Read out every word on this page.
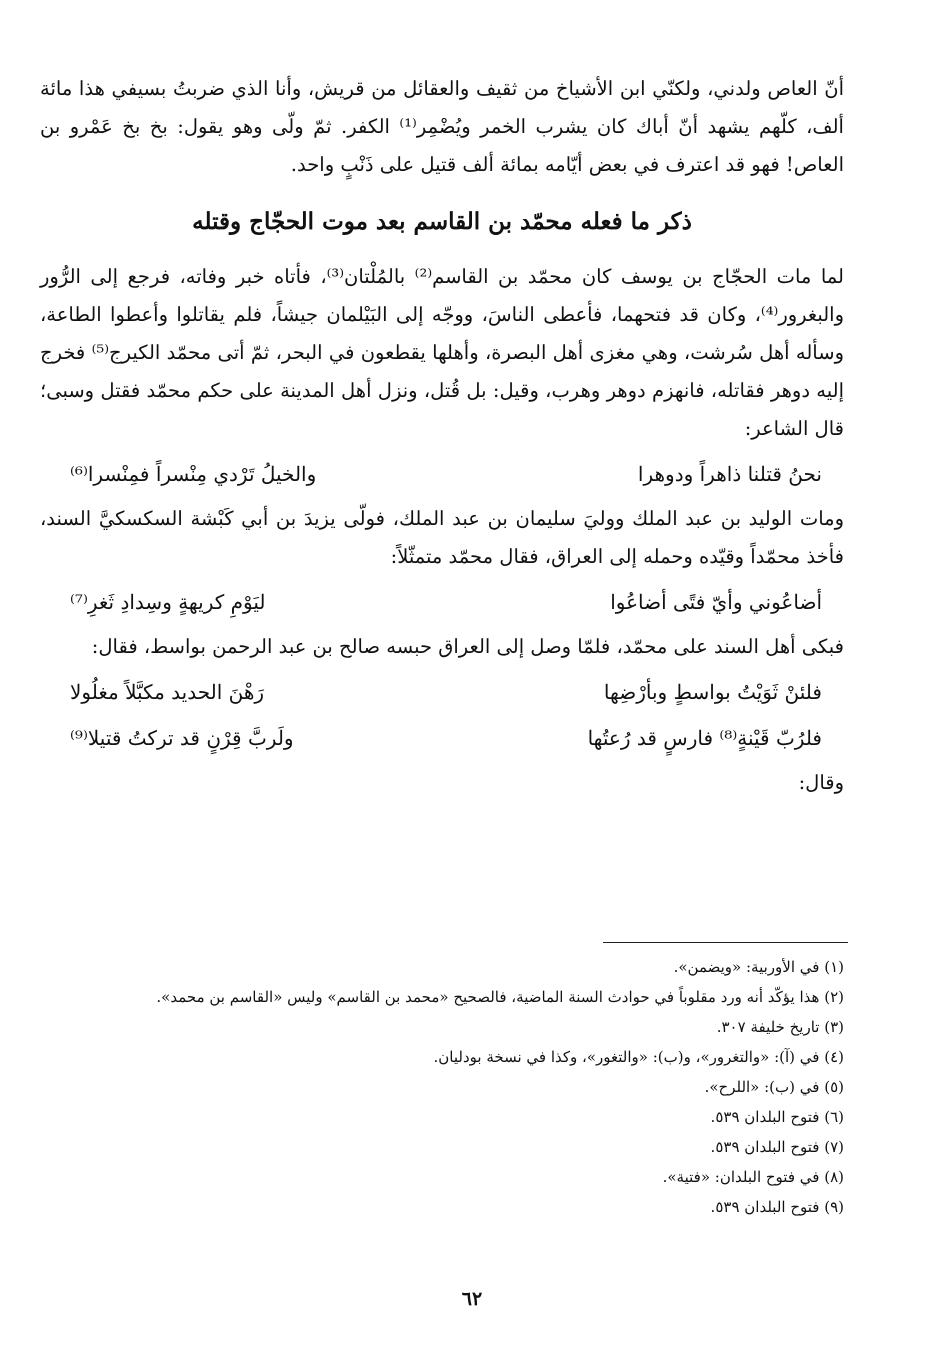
أنّ العاص ولدني، ولكنّي ابن الأشياخ من ثقيف والعقائل من قريش، وأنا الذي ضربتُ بسيفي هذا مائة ألف، كلّهم يشهد أنّ أباك كان يشرب الخمر ويُضْمِر⁽¹⁾ الكفر. ثمّ ولّى وهو يقول: بخ بخ عَمْرو بن العاص! فهو قد اعترف في بعض أيّامه بمائة ألف قتيل على ذَنْبٍ واحد.

ذكر ما فعله محمّد بن القاسم بعد موت الحجّاج وقتله

لما مات الحجّاج بن يوسف كان محمّد بن القاسم⁽²⁾ بالمُلْتان⁽³⁾، فأتاه خبر وفاته، فرجع إلى الرُّور والبغرور⁽⁴⁾، وكان قد فتحهما، فأعطى الناسَ، ووجّه إلى البَيْلمان جيشاً، فلم يقاتلوا وأعطوا الطاعة، وسأله أهل سُرشت، وهي مغزى أهل البصرة، وأهلها يقطعون في البحر، ثمّ أتى محمّد الكيرج⁽⁵⁾ فخرج إليه دوهر فقاتله، فانهزم دوهر وهرب، وقيل: بل قُتل، ونزل أهل المدينة على حكم محمّد فقتل وسبى؛ قال الشاعر:

نحنُ قتلنا ذاهراً ودوهرا
والخيلُ تَرْدي مِنْسراً فمِنْسرا⁽⁶⁾

ومات الوليد بن عبد الملك ووليَ سليمان بن عبد الملك، فولّى يزيدَ بن أبي كَبْشة السكسكيَّ السند، فأخذ محمّداً وقيّده وحمله إلى العراق، فقال محمّد متمثّلاً:

أضاعُوني وأيّ فتًى أضاعُوا
ليَوْمِ كريهةٍ وسِدادِ ثَغرِ⁽⁷⁾

فبكى أهل السند على محمّد، فلمّا وصل إلى العراق حبسه صالح بن عبد الرحمن بواسط، فقال:

فلئنْ ثَوَيْتُ بواسطٍ وبأرْضِها
رَهْنَ الحديد مكبَّلاً مغلُولا
فلرُبّ قَيْنةٍ⁽⁸⁾ فارسٍ قد رُعتُها
ولَربَّ قِرْنٍ قد تركتُ قتيلا⁽⁹⁾

وقال:

(١) في الأوربية: «ويضمن».
(٢) هذا يؤكّد أنه ورد مقلوباً في حوادث السنة الماضية، فالصحيح «محمد بن القاسم» وليس «القاسم بن محمد».
(٣) تاريخ خليفة ٣٠٧.
(٤) في (آ): «والتغرور»، و(ب): «والتغور»، وكذا في نسخة بودليان.
(٥) في (ب): «اللرح».
(٦) فتوح البلدان ٥٣٩.
(٧) فتوح البلدان ٥٣٩.
(٨) في فتوح البلدان: «فتية».
(٩) فتوح البلدان ٥٣٩.
٦٢
